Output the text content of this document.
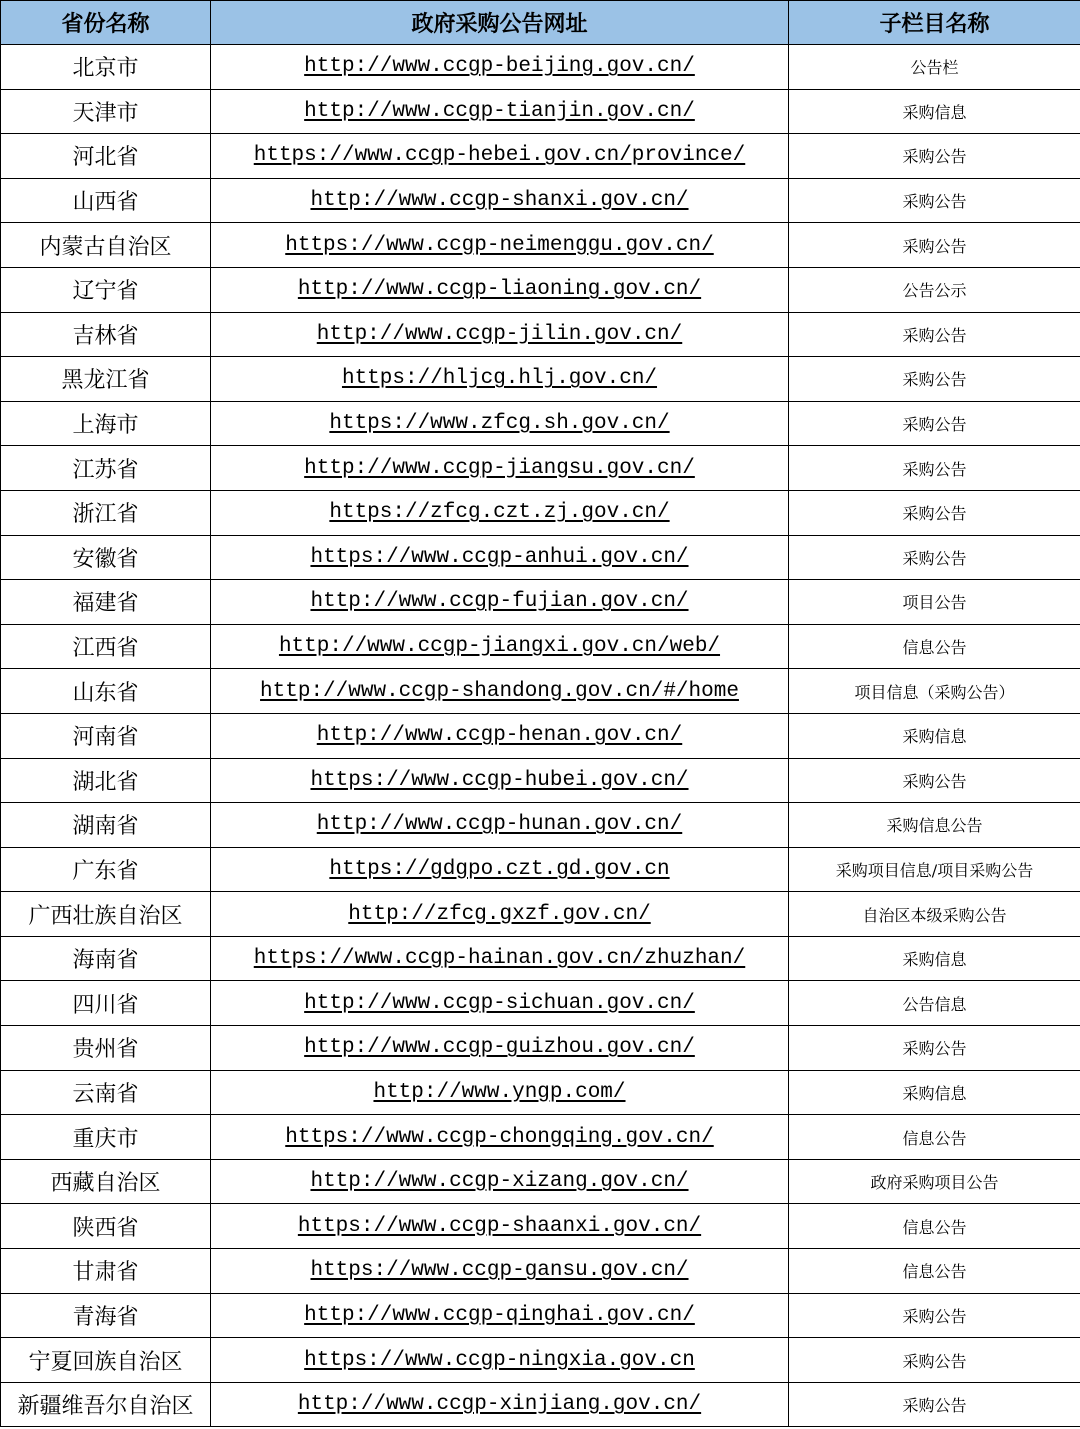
省份名称	政府采购公告网址	子栏目名称
北京市	http://www.ccgp-beijing.gov.cn/	公告栏
天津市	http://www.ccgp-tianjin.gov.cn/	采购信息
河北省	https://www.ccgp-hebei.gov.cn/province/	采购公告
山西省	http://www.ccgp-shanxi.gov.cn/	采购公告
内蒙古自治区	https://www.ccgp-neimenggu.gov.cn/	采购公告
辽宁省	http://www.ccgp-liaoning.gov.cn/	公告公示
吉林省	http://www.ccgp-jilin.gov.cn/	采购公告
黑龙江省	https://hljcg.hlj.gov.cn/	采购公告
上海市	https://www.zfcg.sh.gov.cn/	采购公告
江苏省	http://www.ccgp-jiangsu.gov.cn/	采购公告
浙江省	https://zfcg.czt.zj.gov.cn/	采购公告
安徽省	https://www.ccgp-anhui.gov.cn/	采购公告
福建省	http://www.ccgp-fujian.gov.cn/	项目公告
江西省	http://www.ccgp-jiangxi.gov.cn/web/	信息公告
山东省	http://www.ccgp-shandong.gov.cn/#/home	项目信息（采购公告）
河南省	http://www.ccgp-henan.gov.cn/	采购信息
湖北省	https://www.ccgp-hubei.gov.cn/	采购公告
湖南省	http://www.ccgp-hunan.gov.cn/	采购信息公告
广东省	https://gdgpo.czt.gd.gov.cn	采购项目信息/项目采购公告
广西壮族自治区	http://zfcg.gxzf.gov.cn/	自治区本级采购公告
海南省	https://www.ccgp-hainan.gov.cn/zhuzhan/	采购信息
四川省	http://www.ccgp-sichuan.gov.cn/	公告信息
贵州省	http://www.ccgp-guizhou.gov.cn/	采购公告
云南省	http://www.yngp.com/	采购信息
重庆市	https://www.ccgp-chongqing.gov.cn/	信息公告
西藏自治区	http://www.ccgp-xizang.gov.cn/	政府采购项目公告
陕西省	https://www.ccgp-shaanxi.gov.cn/	信息公告
甘肃省	https://www.ccgp-gansu.gov.cn/	信息公告
青海省	http://www.ccgp-qinghai.gov.cn/	采购公告
宁夏回族自治区	https://www.ccgp-ningxia.gov.cn	采购公告
新疆维吾尔自治区	http://www.ccgp-xinjiang.gov.cn/	采购公告
